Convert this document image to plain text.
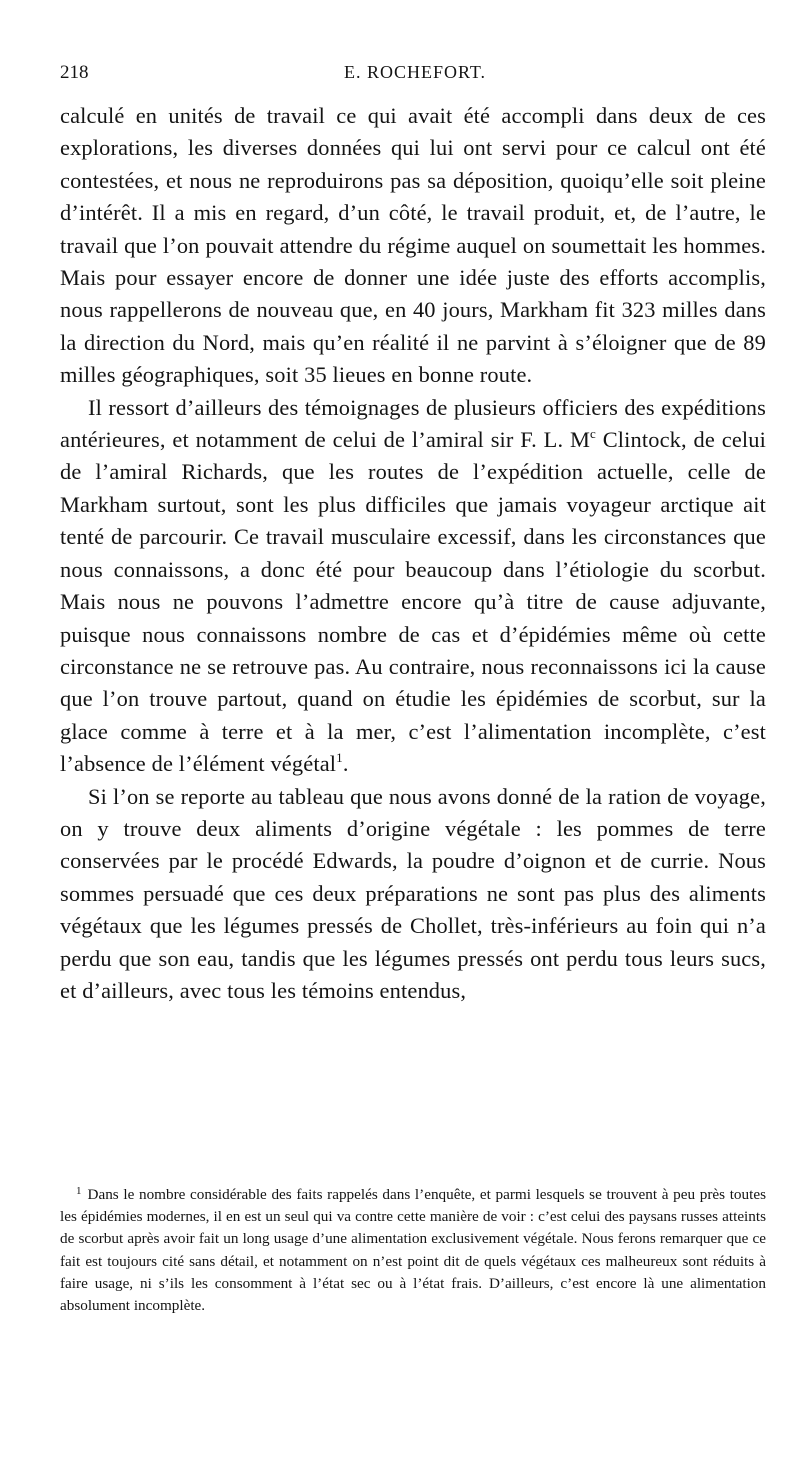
218	E. ROCHEFORT.

calculé en unités de travail ce qui avait été accompli dans deux de ces explorations, les diverses données qui lui ont servi pour ce calcul ont été contestées, et nous ne reproduirons pas sa déposition, quoiqu’elle soit pleine d’intérêt. Il a mis en regard, d’un côté, le travail produit, et, de l’autre, le travail que l’on pouvait attendre du régime auquel on soumettait les hommes. Mais pour essayer encore de donner une idée juste des efforts accomplis, nous rappellerons de nouveau que, en 40 jours, Markham fit 323 milles dans la direction du Nord, mais qu’en réalité il ne parvint à s’éloigner que de 89 milles géographiques, soit 35 lieues en bonne route.

Il ressort d’ailleurs des témoignages de plusieurs officiers des expéditions antérieures, et notamment de celui de l’amiral sir F. L. $M^c$ Clintock, de celui de l’amiral Richards, que les routes de l’expédition actuelle, celle de Markham surtout, sont les plus difficiles que jamais voyageur arctique ait tenté de parcourir. Ce travail musculaire excessif, dans les circonstances que nous connaissons, a donc été pour beaucoup dans l’étiologie du scorbut. Mais nous ne pouvons l’admettre encore qu’à titre de cause adjuvante, puisque nous connaissons nombre de cas et d’épidémies même où cette circonstance ne se retrouve pas. Au contraire, nous reconnaissons ici la cause que l’on trouve partout, quand on étudie les épidémies de scorbut, sur la glace comme à terre et à la mer, c’est l’alimentation incomplète, c’est l’absence de l’élément végétal$^1$.

Si l’on se reporte au tableau que nous avons donné de la ration de voyage, on y trouve deux aliments d’origine végétale : les pommes de terre conservées par le procédé Edwards, la poudre d’oignon et de currie. Nous sommes persuadé que ces deux préparations ne sont pas plus des aliments végétaux que les légumes pressés de Chollet, très-inférieurs au foin qui n’a perdu que son eau, tandis que les légumes pressés ont perdu tous leurs sucs, et d’ailleurs, avec tous les témoins entendus,

$^1$ Dans le nombre considérable des faits rappelés dans l’enquête, et parmi lesquels se trouvent à peu près toutes les épidémies modernes, il en est un seul qui va contre cette manière de voir : c’est celui des paysans russes atteints de scorbut après avoir fait un long usage d’une alimentation exclusivement végétale. Nous ferons remarquer que ce fait est toujours cité sans détail, et notamment on n’est point dit de quels végétaux ces malheureux sont réduits à faire usage, ni s’ils les consomment à l’état sec ou à l’état frais. D’ailleurs, c’est encore là une alimentation absolument incomplète.
